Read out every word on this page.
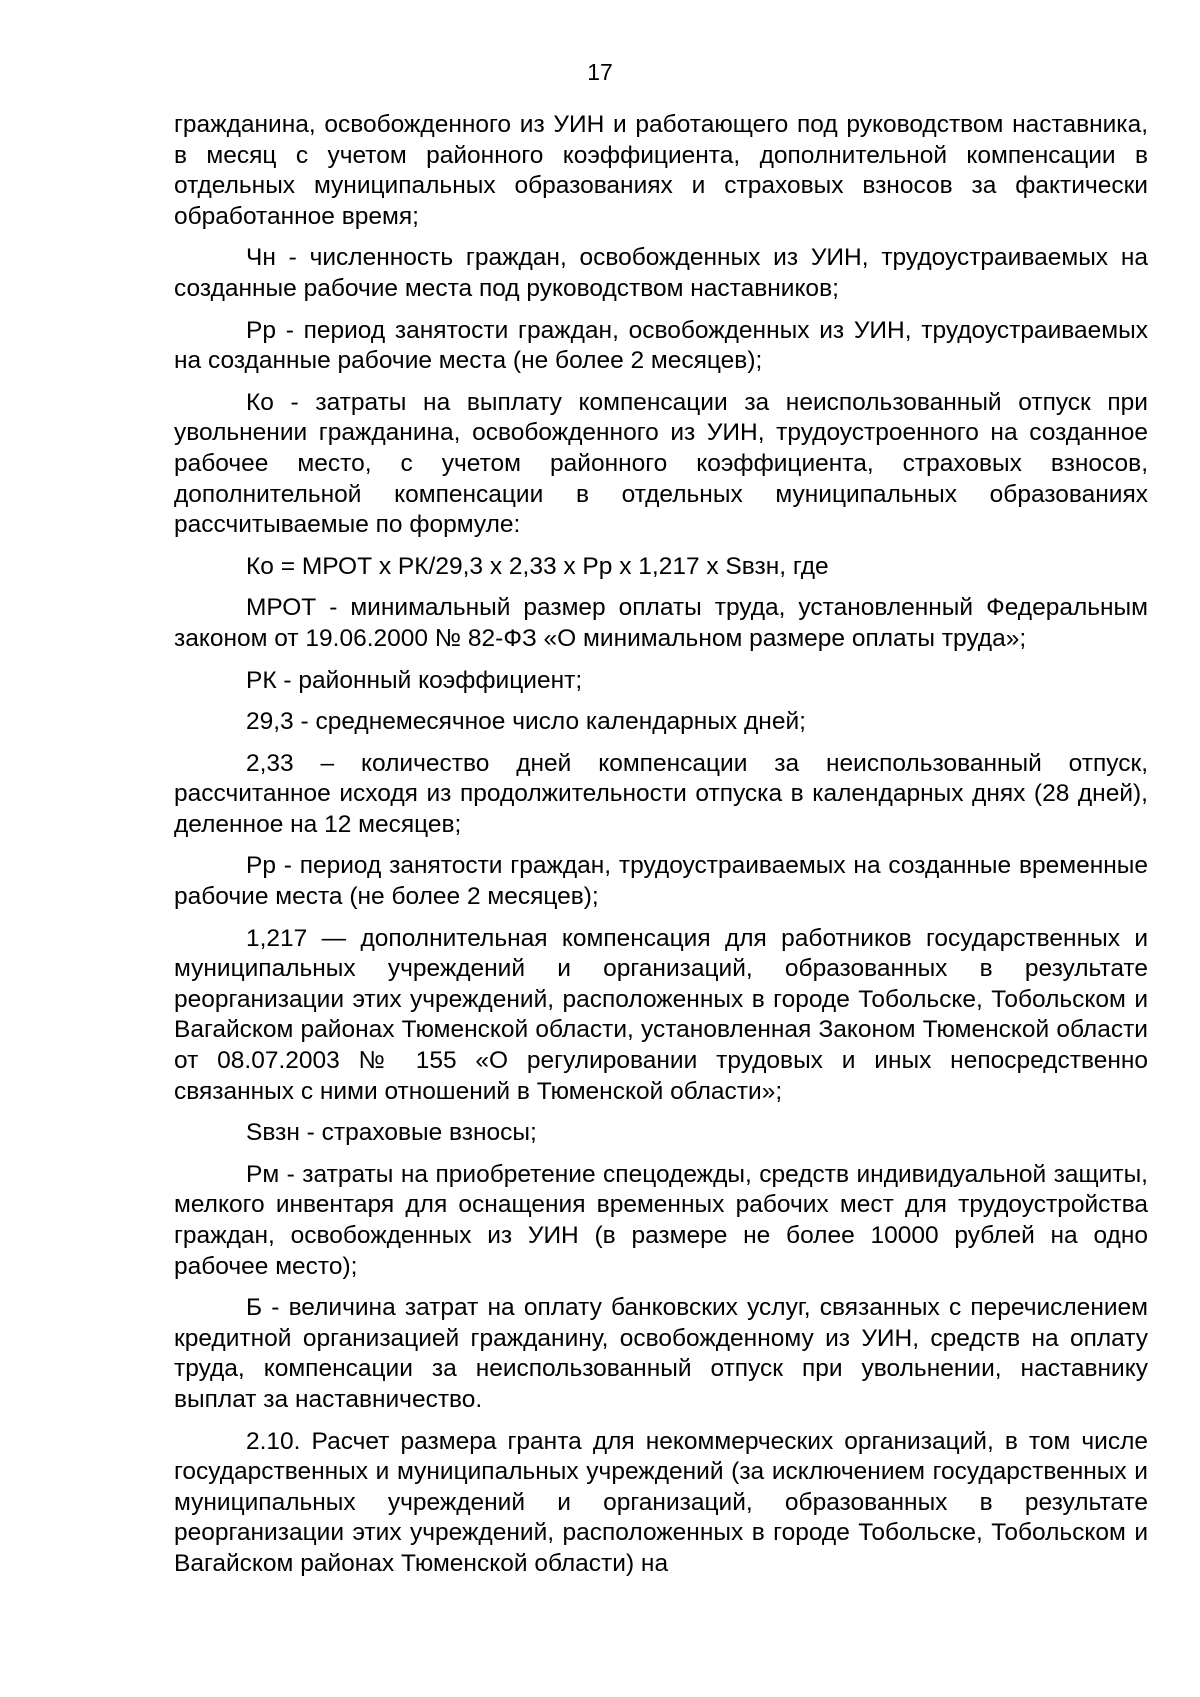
17

гражданина, освобожденного из УИН и работающего под руководством наставника, в месяц с учетом районного коэффициента, дополнительной компенсации в отдельных муниципальных образованиях и страховых взносов за фактически обработанное время;

Чн - численность граждан, освобожденных из УИН, трудоустраиваемых на созданные рабочие места под руководством наставников;

Рр - период занятости граждан, освобожденных из УИН, трудоустраиваемых на созданные рабочие места (не более 2 месяцев);

Ко - затраты на выплату компенсации за неиспользованный отпуск при увольнении гражданина, освобожденного из УИН, трудоустроенного на созданное рабочее место, с учетом районного коэффициента, страховых взносов, дополнительной компенсации в отдельных муниципальных образованиях рассчитываемые по формуле:

Ко = МРОТ х РК/29,3 х 2,33 х Рр х 1,217 х Sвзн, где

МРОТ - минимальный размер оплаты труда, установленный Федеральным законом от 19.06.2000 № 82-ФЗ «О минимальном размере оплаты труда»;

РК - районный коэффициент;

29,3 - среднемесячное число календарных дней;

2,33 – количество дней компенсации за неиспользованный отпуск, рассчитанное исходя из продолжительности отпуска в календарных днях (28 дней), деленное на 12 месяцев;

Рр - период занятости граждан, трудоустраиваемых на созданные временные рабочие места (не более 2 месяцев);

1,217 — дополнительная компенсация для работников государственных и муниципальных учреждений и организаций, образованных в результате реорганизации этих учреждений, расположенных в городе Тобольске, Тобольском и Вагайском районах Тюменской области, установленная Законом Тюменской области от 08.07.2003 № 155 «О регулировании трудовых и иных непосредственно связанных с ними отношений в Тюменской области»;

Sвзн - страховые взносы;

Рм - затраты на приобретение спецодежды, средств индивидуальной защиты, мелкого инвентаря для оснащения временных рабочих мест для трудоустройства граждан, освобожденных из УИН (в размере не более 10000 рублей на одно рабочее место);

Б - величина затрат на оплату банковских услуг, связанных с перечислением кредитной организацией гражданину, освобожденному из УИН, средств на оплату труда, компенсации за неиспользованный отпуск при увольнении, наставнику выплат за наставничество.

2.10. Расчет размера гранта для некоммерческих организаций, в том числе государственных и муниципальных учреждений (за исключением государственных и муниципальных учреждений и организаций, образованных в результате реорганизации этих учреждений, расположенных в городе Тобольске, Тобольском и Вагайском районах Тюменской области) на
